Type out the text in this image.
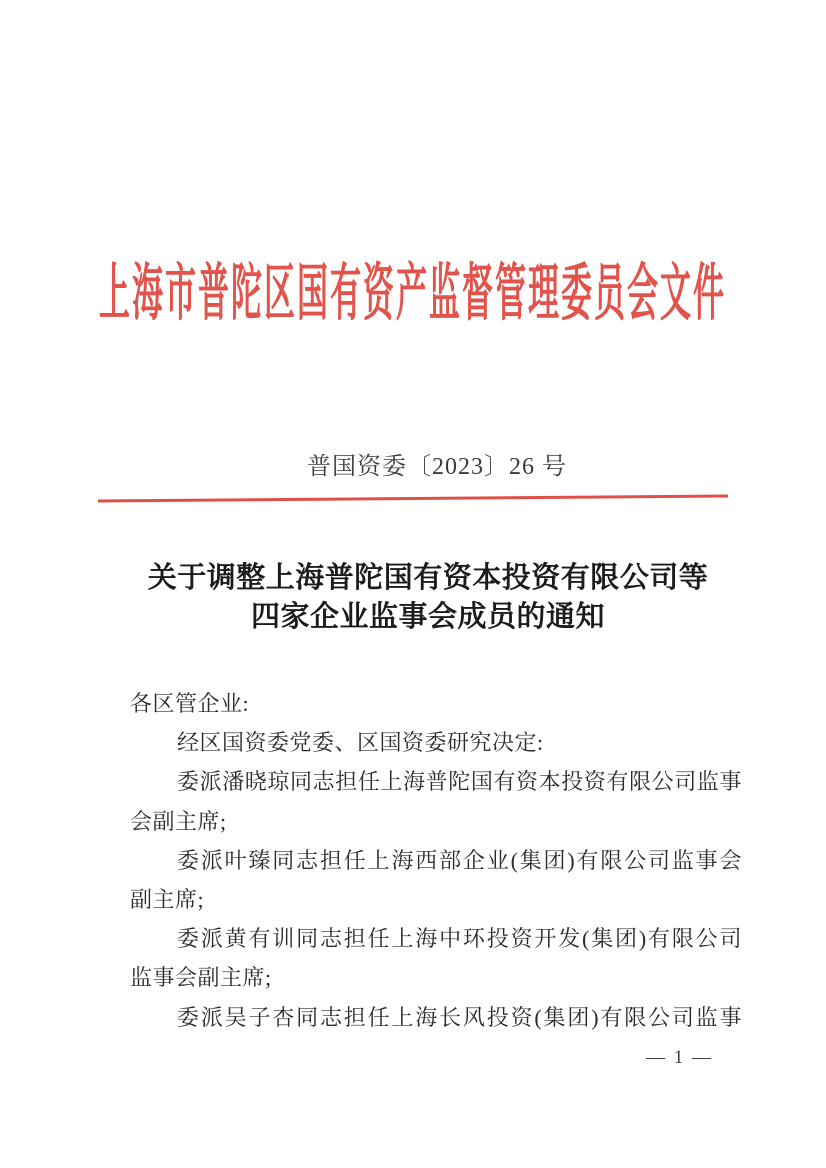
上海市普陀区国有资产监督管理委员会文件
普国资委〔2023〕26 号
关于调整上海普陀国有资本投资有限公司等
四家企业监事会成员的通知
各区管企业:
经区国资委党委、区国资委研究决定:
委派潘晓琼同志担任上海普陀国有资本投资有限公司监事
会副主席;
委派叶臻同志担任上海西部企业(集团)有限公司监事会
副主席;
委派黄有训同志担任上海中环投资开发(集团)有限公司
监事会副主席;
委派吴子杏同志担任上海长风投资(集团)有限公司监事
— 1 —
